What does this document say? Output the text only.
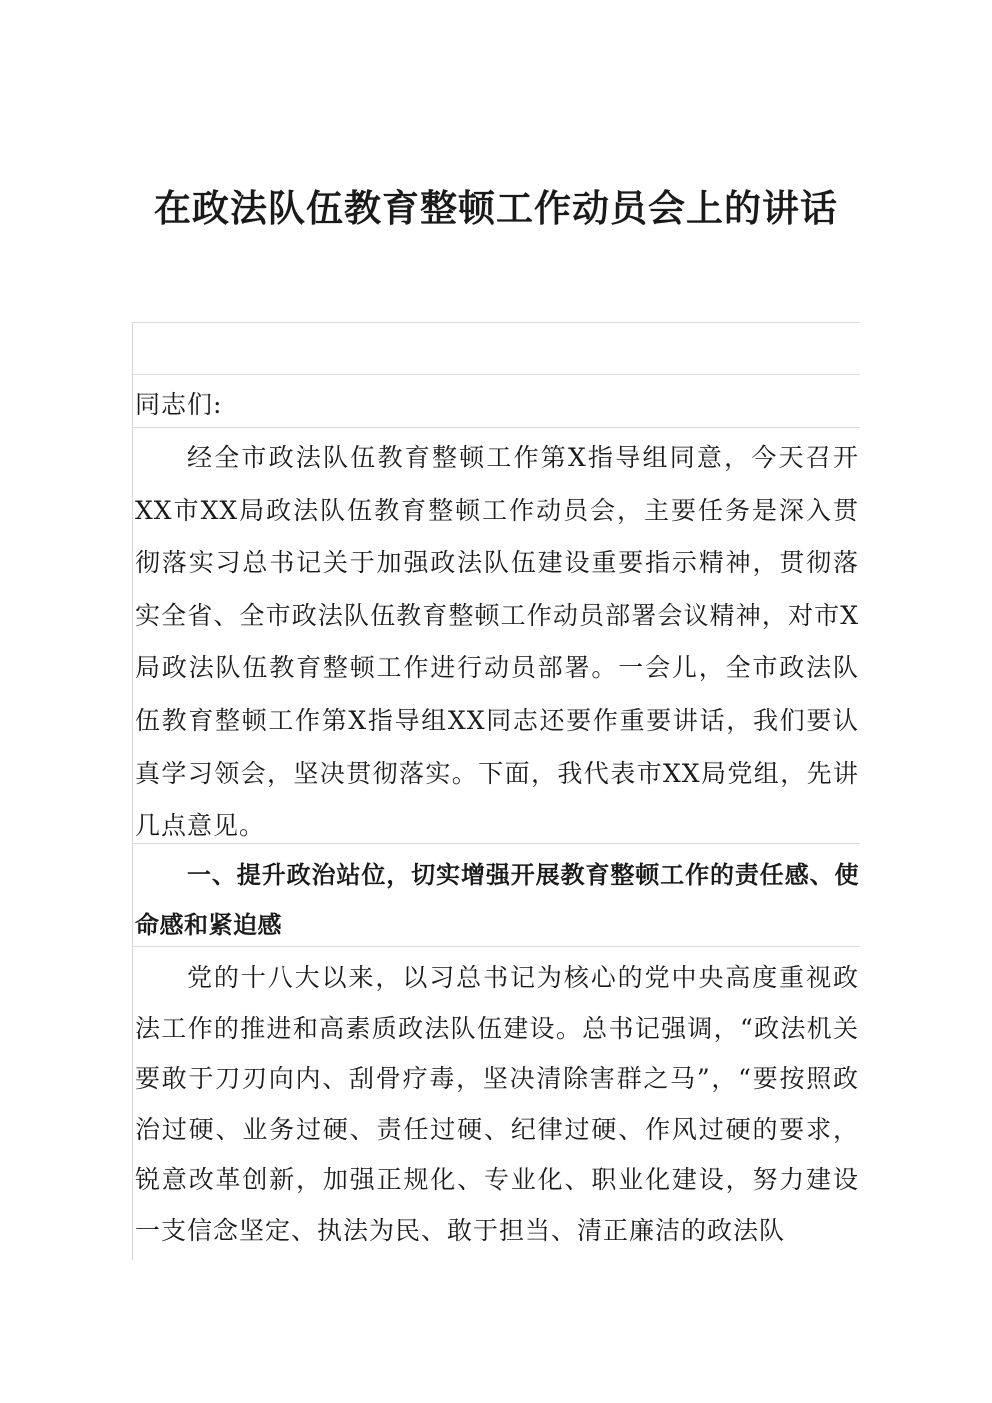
在政法队伍教育整顿工作动员会上的讲话
同志们:
经全市政法队伍教育整顿工作第X指导组同意，今天召开XX市XX局政法队伍教育整顿工作动员会，主要任务是深入贯彻落实习总书记关于加强政法队伍建设重要指示精神，贯彻落实全省、全市政法队伍教育整顿工作动员部署会议精神，对市X局政法队伍教育整顿工作进行动员部署。一会儿，全市政法队伍教育整顿工作第X指导组XX同志还要作重要讲话，我们要认真学习领会，坚决贯彻落实。下面，我代表市XX局党组，先讲几点意见。
一、提升政治站位，切实增强开展教育整顿工作的责任感、使命感和紧迫感
党的十八大以来，以习总书记为核心的党中央高度重视政法工作的推进和高素质政法队伍建设。总书记强调，“政法机关要敢于刀刃向内、刮骨疗毒，坚决清除害群之马”，“要按照政治过硬、业务过硬、责任过硬、纪律过硬、作风过硬的要求，锐意改革创新，加强正规化、专业化、职业化建设，努力建设一支信念坚定、执法为民、敢于担当、清正廉洁的政法队
